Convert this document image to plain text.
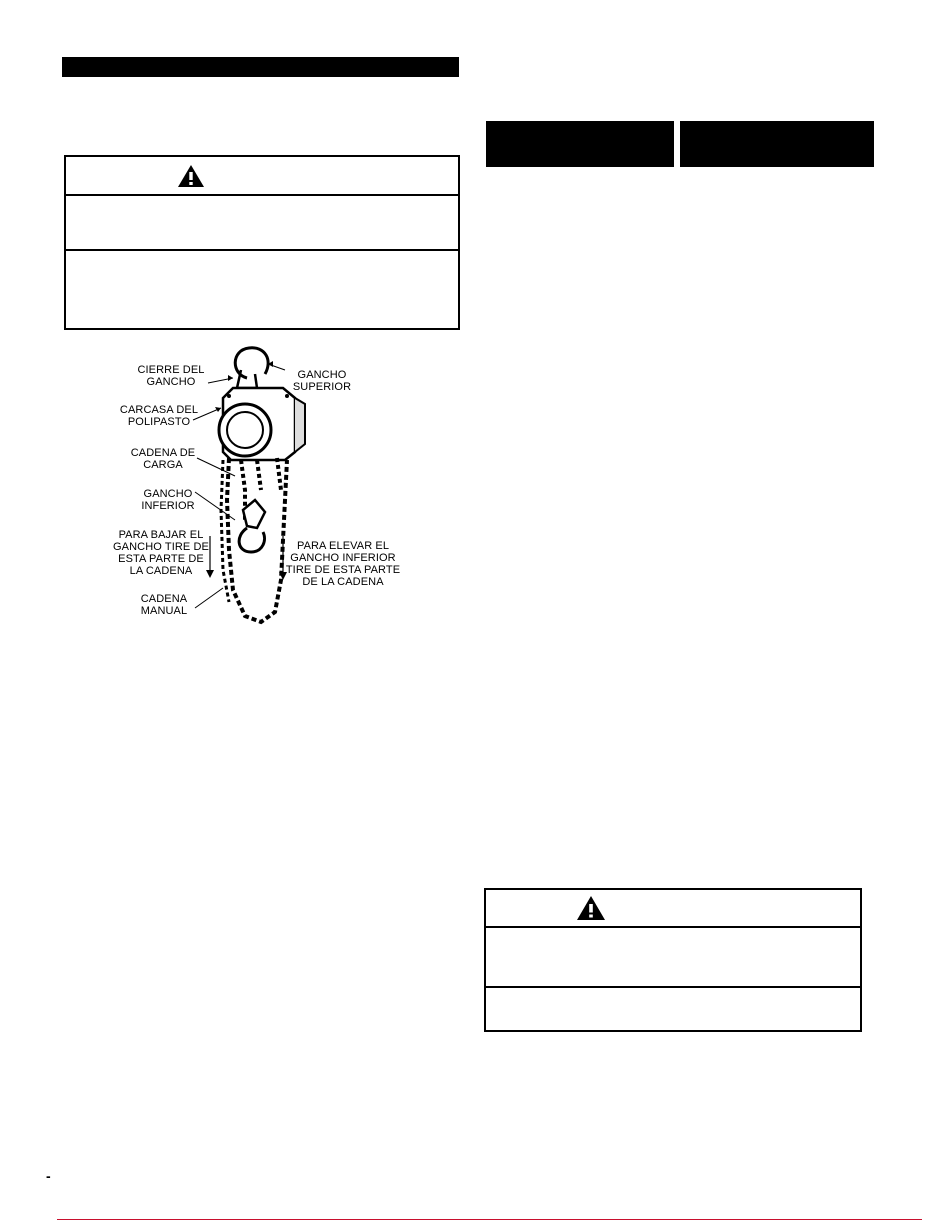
CIERRE DEL
GANCHO
GANCHO
SUPERIOR
CARCASA DEL
POLIPASTO
CADENA DE
CARGA
GANCHO
INFERIOR
PARA BAJAR EL
GANCHO TIRE DE
ESTA PARTE DE
LA CADENA
PARA ELEVAR EL
GANCHO INFERIOR
TIRE DE ESTA PARTE
DE LA CADENA
CADENA
MANUAL
-
